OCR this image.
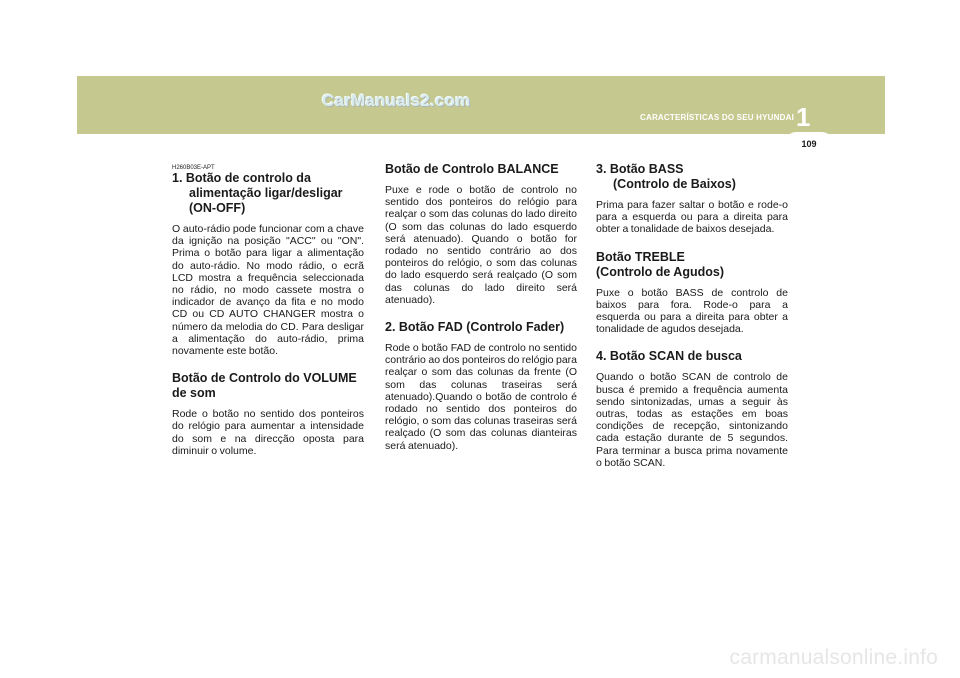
CarManuals2.com
CARACTERÍSTICAS DO SEU HYUNDAI 1
109
H260B03E-APT
1. Botão de controlo da
alimentação ligar/desligar
(ON-OFF)

O auto-rádio pode funcionar com a chave da ignição na posição "ACC" ou "ON". Prima o botão para ligar a alimentação do auto-rádio. No modo rádio, o ecrã LCD mostra a frequência seleccionada no rádio, no modo cassete mostra o indicador de avanço da fita e no modo CD ou CD AUTO CHANGER mostra o número da melodia do CD. Para desligar a alimentação do auto-rádio, prima novamente este botão.

Botão de Controlo do VOLUME
de som

Rode o botão no sentido dos ponteiros do relógio para aumentar a intensidade do som e na direcção oposta para diminuir o volume.

Botão de Controlo BALANCE

Puxe e rode o botão de controlo no sentido dos ponteiros do relógio para realçar o som das colunas do lado direito (O som das colunas do lado esquerdo será atenuado). Quando o botão for rodado no sentido contrário ao dos ponteiros do relógio, o som das colunas do lado esquerdo será realçado (O som das colunas do lado direito será atenuado).

2. Botão FAD (Controlo Fader)

Rode o botão FAD de controlo no sentido contrário ao dos ponteiros do relógio para realçar o som das colunas da frente (O som das colunas traseiras será atenuado).Quando o botão de controlo é rodado no sentido dos ponteiros do relógio, o som das colunas traseiras será realçado (O som das colunas dianteiras será atenuado).

3. Botão BASS
(Controlo de Baixos)

Prima para fazer saltar o botão e rode-o para a esquerda ou para a direita para obter a tonalidade de baixos desejada.

Botão TREBLE
(Controlo de Agudos)

Puxe o botão BASS de controlo de baixos para fora. Rode-o para a esquerda ou para a direita para obter a tonalidade de agudos desejada.

4. Botão SCAN de busca

Quando o botão SCAN de controlo de busca é premido a frequência aumenta sendo sintonizadas, umas a seguir às outras, todas as estações em boas condições de recepção, sintonizando cada estação durante de 5 segundos. Para terminar a busca prima novamente o botão SCAN.

carmanualsonline.info
